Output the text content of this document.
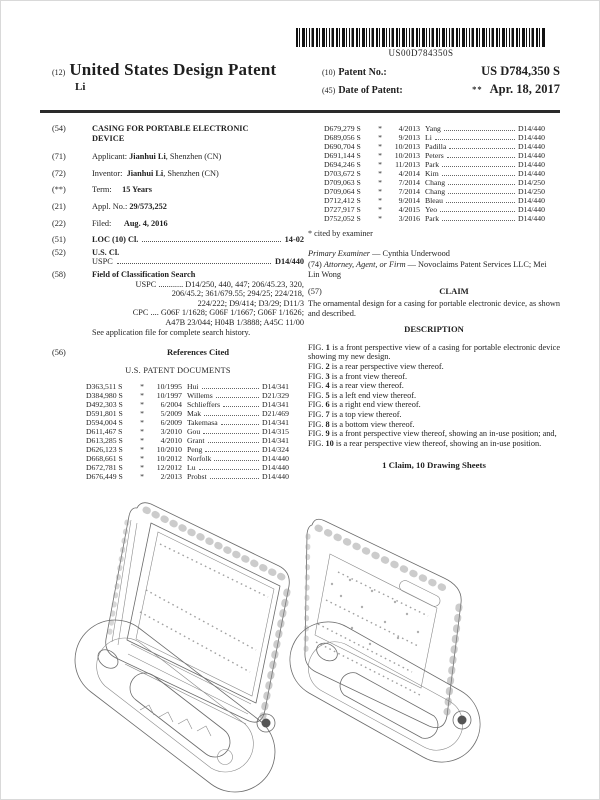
US00D784350S
(12) United States Design Patent
Li
(10) Patent No.:	US D784,350 S
(45) Date of Patent:	** Apr. 18, 2017
(54)	CASING FOR PORTABLE ELECTRONIC DEVICE
(71)	Applicant: Jianhui Li, Shenzhen (CN)
(72)	Inventor: Jianhui Li, Shenzhen (CN)
(**)	Term: 15 Years
(21)	Appl. No.: 29/573,252
(22)	Filed: Aug. 4, 2016
(51)	LOC (10) Cl.	14-02
(52)	U.S. Cl.
USPC	D14/440
(58)	Field of Classification Search
USPC ............ D14/250, 440, 447; 206/45.23, 320,
206/45.2; 361/679.55; 294/25; 224/218,
224/222; D9/414; D3/29; D11/3
CPC .... G06F 1/1628; G06F 1/1667; G06F 1/1626;
A47B 23/044; H04B 1/3888; A45C 11/00
See application file for complete search history.
(56)	References Cited
U.S. PATENT DOCUMENTS
D363,511 S	*	10/1995 Hui	D14/341
D384,980 S	*	10/1997 Willems	D21/329
D492,303 S	*	6/2004 Schlieffers	D14/341
D591,801 S	*	5/2009 Mak	D21/469
D594,004 S	*	6/2009 Takemasa	D14/341
D611,467 S	*	3/2010 Gou	D14/315
D613,285 S	*	4/2010 Grant	D14/341
D626,123 S	*	10/2010 Peng	D14/324
D668,661 S	*	10/2012 Norfolk	D14/440
D672,781 S	*	12/2012 Lu	D14/440
D676,449 S	*	2/2013 Probst	D14/440
D679,279 S	*	4/2013 Yang	D14/440
D689,056 S	*	9/2013 Li	D14/440
D690,704 S	*	10/2013 Padilla	D14/440
D691,144 S	*	10/2013 Peters	D14/440
D694,246 S	*	11/2013 Park	D14/440
D703,672 S	*	4/2014 Kim	D14/440
D709,063 S	*	7/2014 Chang	D14/250
D709,064 S	*	7/2014 Chang	D14/250
D712,412 S	*	9/2014 Bleau	D14/440
D727,917 S	*	4/2015 Yeo	D14/440
D752,052 S	*	3/2016 Park	D14/440
* cited by examiner
Primary Examiner — Cynthia Underwood
(74) Attorney, Agent, or Firm — Novoclaims Patent Services LLC; Mei Lin Wong
(57)	CLAIM
The ornamental design for a casing for portable electronic device, as shown and described.
DESCRIPTION
FIG. 1 is a front perspective view of a casing for portable electronic device showing my new design.
FIG. 2 is a rear perspective view thereof.
FIG. 3 is a front view thereof.
FIG. 4 is a rear view thereof.
FIG. 5 is a left end view thereof.
FIG. 6 is a right end view thereof.
FIG. 7 is a top view thereof.
FIG. 8 is a bottom view thereof.
FIG. 9 is a front perspective view thereof, showing an in-use position; and,
FIG. 10 is a rear perspective view thereof, showing an in-use position.
1 Claim, 10 Drawing Sheets
